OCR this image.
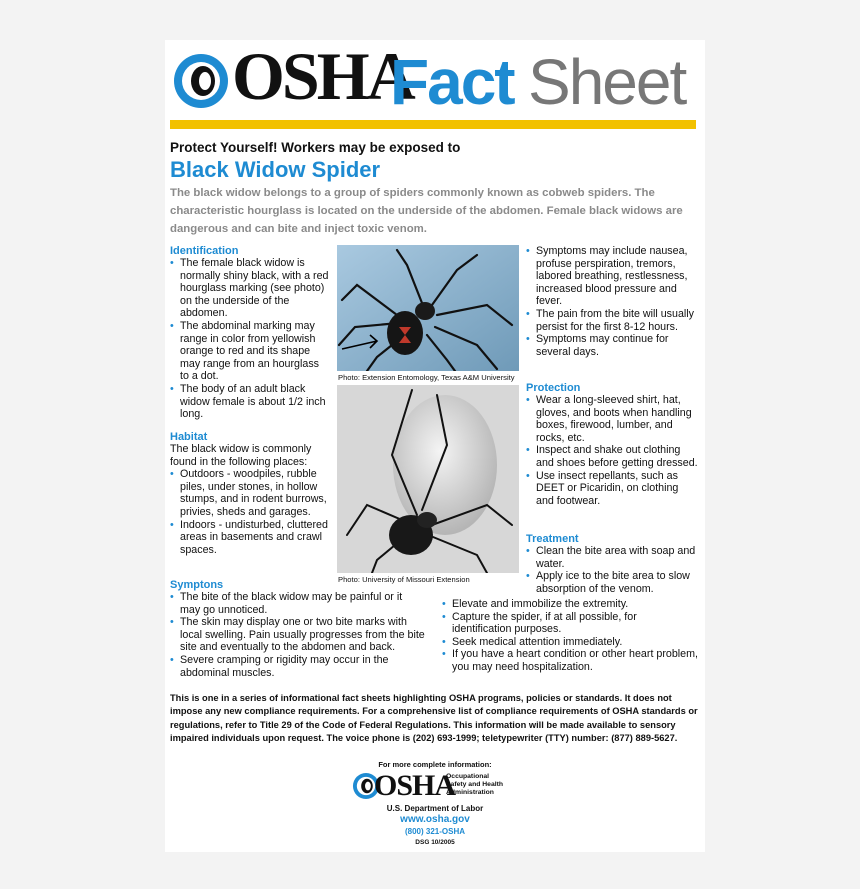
OSHA
Fact Sheet
Protect Yourself! Workers may be exposed to
Black Widow Spider
The black widow belongs to a group of spiders commonly known as cobweb spiders. The characteristic hourglass is located on the underside of the abdomen. Female black widows are dangerous and can bite and inject toxic venom.
Identification
• The female black widow is normally shiny black, with a red hourglass marking (see photo) on the underside of the abdomen.
• The abdominal marking may range in color from yellowish orange to red and its shape may range from an hourglass to a dot.
• The body of an adult black widow female is about 1/2 inch long.
Habitat

The black widow is commonly found in the following places:

• Outdoors - woodpiles, rubble piles, under stones, in hollow stumps, and in rodent burrows, privies, sheds and garages.
• Indoors - undisturbed, cluttered areas in basements and crawl spaces.
Symptons
• The bite of the black widow may be painful or it may go unnoticed.
• The skin may display one or two bite marks with local swelling. Pain usually progresses from the bite site and eventually to the abdomen and back.
• Severe cramping or rigidity may occur in the abdominal muscles.
Photo: Extension Entomology, Texas A&M University
Photo: University of Missouri Extension
• Symptoms may include nausea, profuse perspiration, tremors, labored breathing, restlessness, increased blood pressure and fever.
• The pain from the bite will usually persist for the first 8-12 hours.
• Symptoms may continue for several days.
Protection
• Wear a long-sleeved shirt, hat, gloves, and boots when handling boxes, firewood, lumber, and rocks, etc.
• Inspect and shake out clothing and shoes before getting dressed.
• Use insect repellants, such as DEET or Picaridin, on clothing and footwear.
Treatment
• Clean the bite area with soap and water.
• Apply ice to the bite area to slow absorption of the venom.
• Elevate and immobilize the extremity.
• Capture the spider, if at all possible, for identification purposes.
• Seek medical attention immediately.
• If you have a heart condition or other heart problem, you may need hospitalization.
This is one in a series of informational fact sheets highlighting OSHA programs, policies or standards. It does not impose any new compliance requirements. For a comprehensive list of compliance requirements of OSHA standards or regulations, refer to Title 29 of the Code of Federal Regulations. This information will be made available to sensory impaired individuals upon request. The voice phone is (202) 693-1999; teletypewriter (TTY) number: (877) 889-5627.
For more complete information:
OSHA
Occupational
Safety and Health
Administration
U.S. Department of Labor
www.osha.gov
(800) 321-OSHA
DSG 10/2005
